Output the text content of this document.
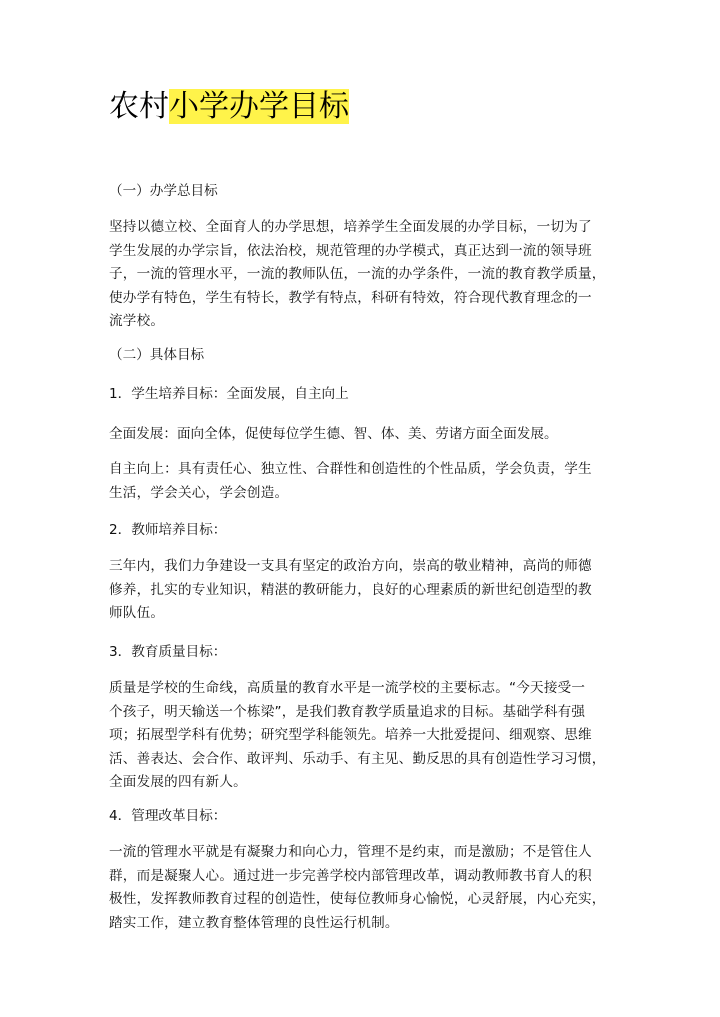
农村小学办学目标
（一）办学总目标
坚持以德立校、全面育人的办学思想，培养学生全面发展的办学目标，一切为了
学生发展的办学宗旨，依法治校，规范管理的办学模式，真正达到一流的领导班
子，一流的管理水平，一流的教师队伍，一流的办学条件，一流的教育教学质量，
使办学有特色，学生有特长，教学有特点，科研有特效，符合现代教育理念的一
流学校。
（二）具体目标
1．学生培养目标：全面发展，自主向上
全面发展：面向全体，促使每位学生德、智、体、美、劳诸方面全面发展。
自主向上：具有责任心、独立性、合群性和创造性的个性品质，学会负责，学生
生活，学会关心，学会创造。
2．教师培养目标：
三年内，我们力争建设一支具有坚定的政治方向，崇高的敬业精神，高尚的师德
修养，扎实的专业知识，精湛的教研能力，良好的心理素质的新世纪创造型的教
师队伍。
3．教育质量目标：
质量是学校的生命线，高质量的教育水平是一流学校的主要标志。“今天接受一
个孩子，明天输送一个栋梁”，是我们教育教学质量追求的目标。基础学科有强
项；拓展型学科有优势；研究型学科能领先。培养一大批爱提问、细观察、思维
活、善表达、会合作、敢评判、乐动手、有主见、勤反思的具有创造性学习习惯，
全面发展的四有新人。
4．管理改革目标：
一流的管理水平就是有凝聚力和向心力，管理不是约束，而是激励；不是管住人
群，而是凝聚人心。通过进一步完善学校内部管理改革，调动教师教书育人的积
极性，发挥教师教育过程的创造性，使每位教师身心愉悦，心灵舒展，内心充实，
踏实工作，建立教育整体管理的良性运行机制。
